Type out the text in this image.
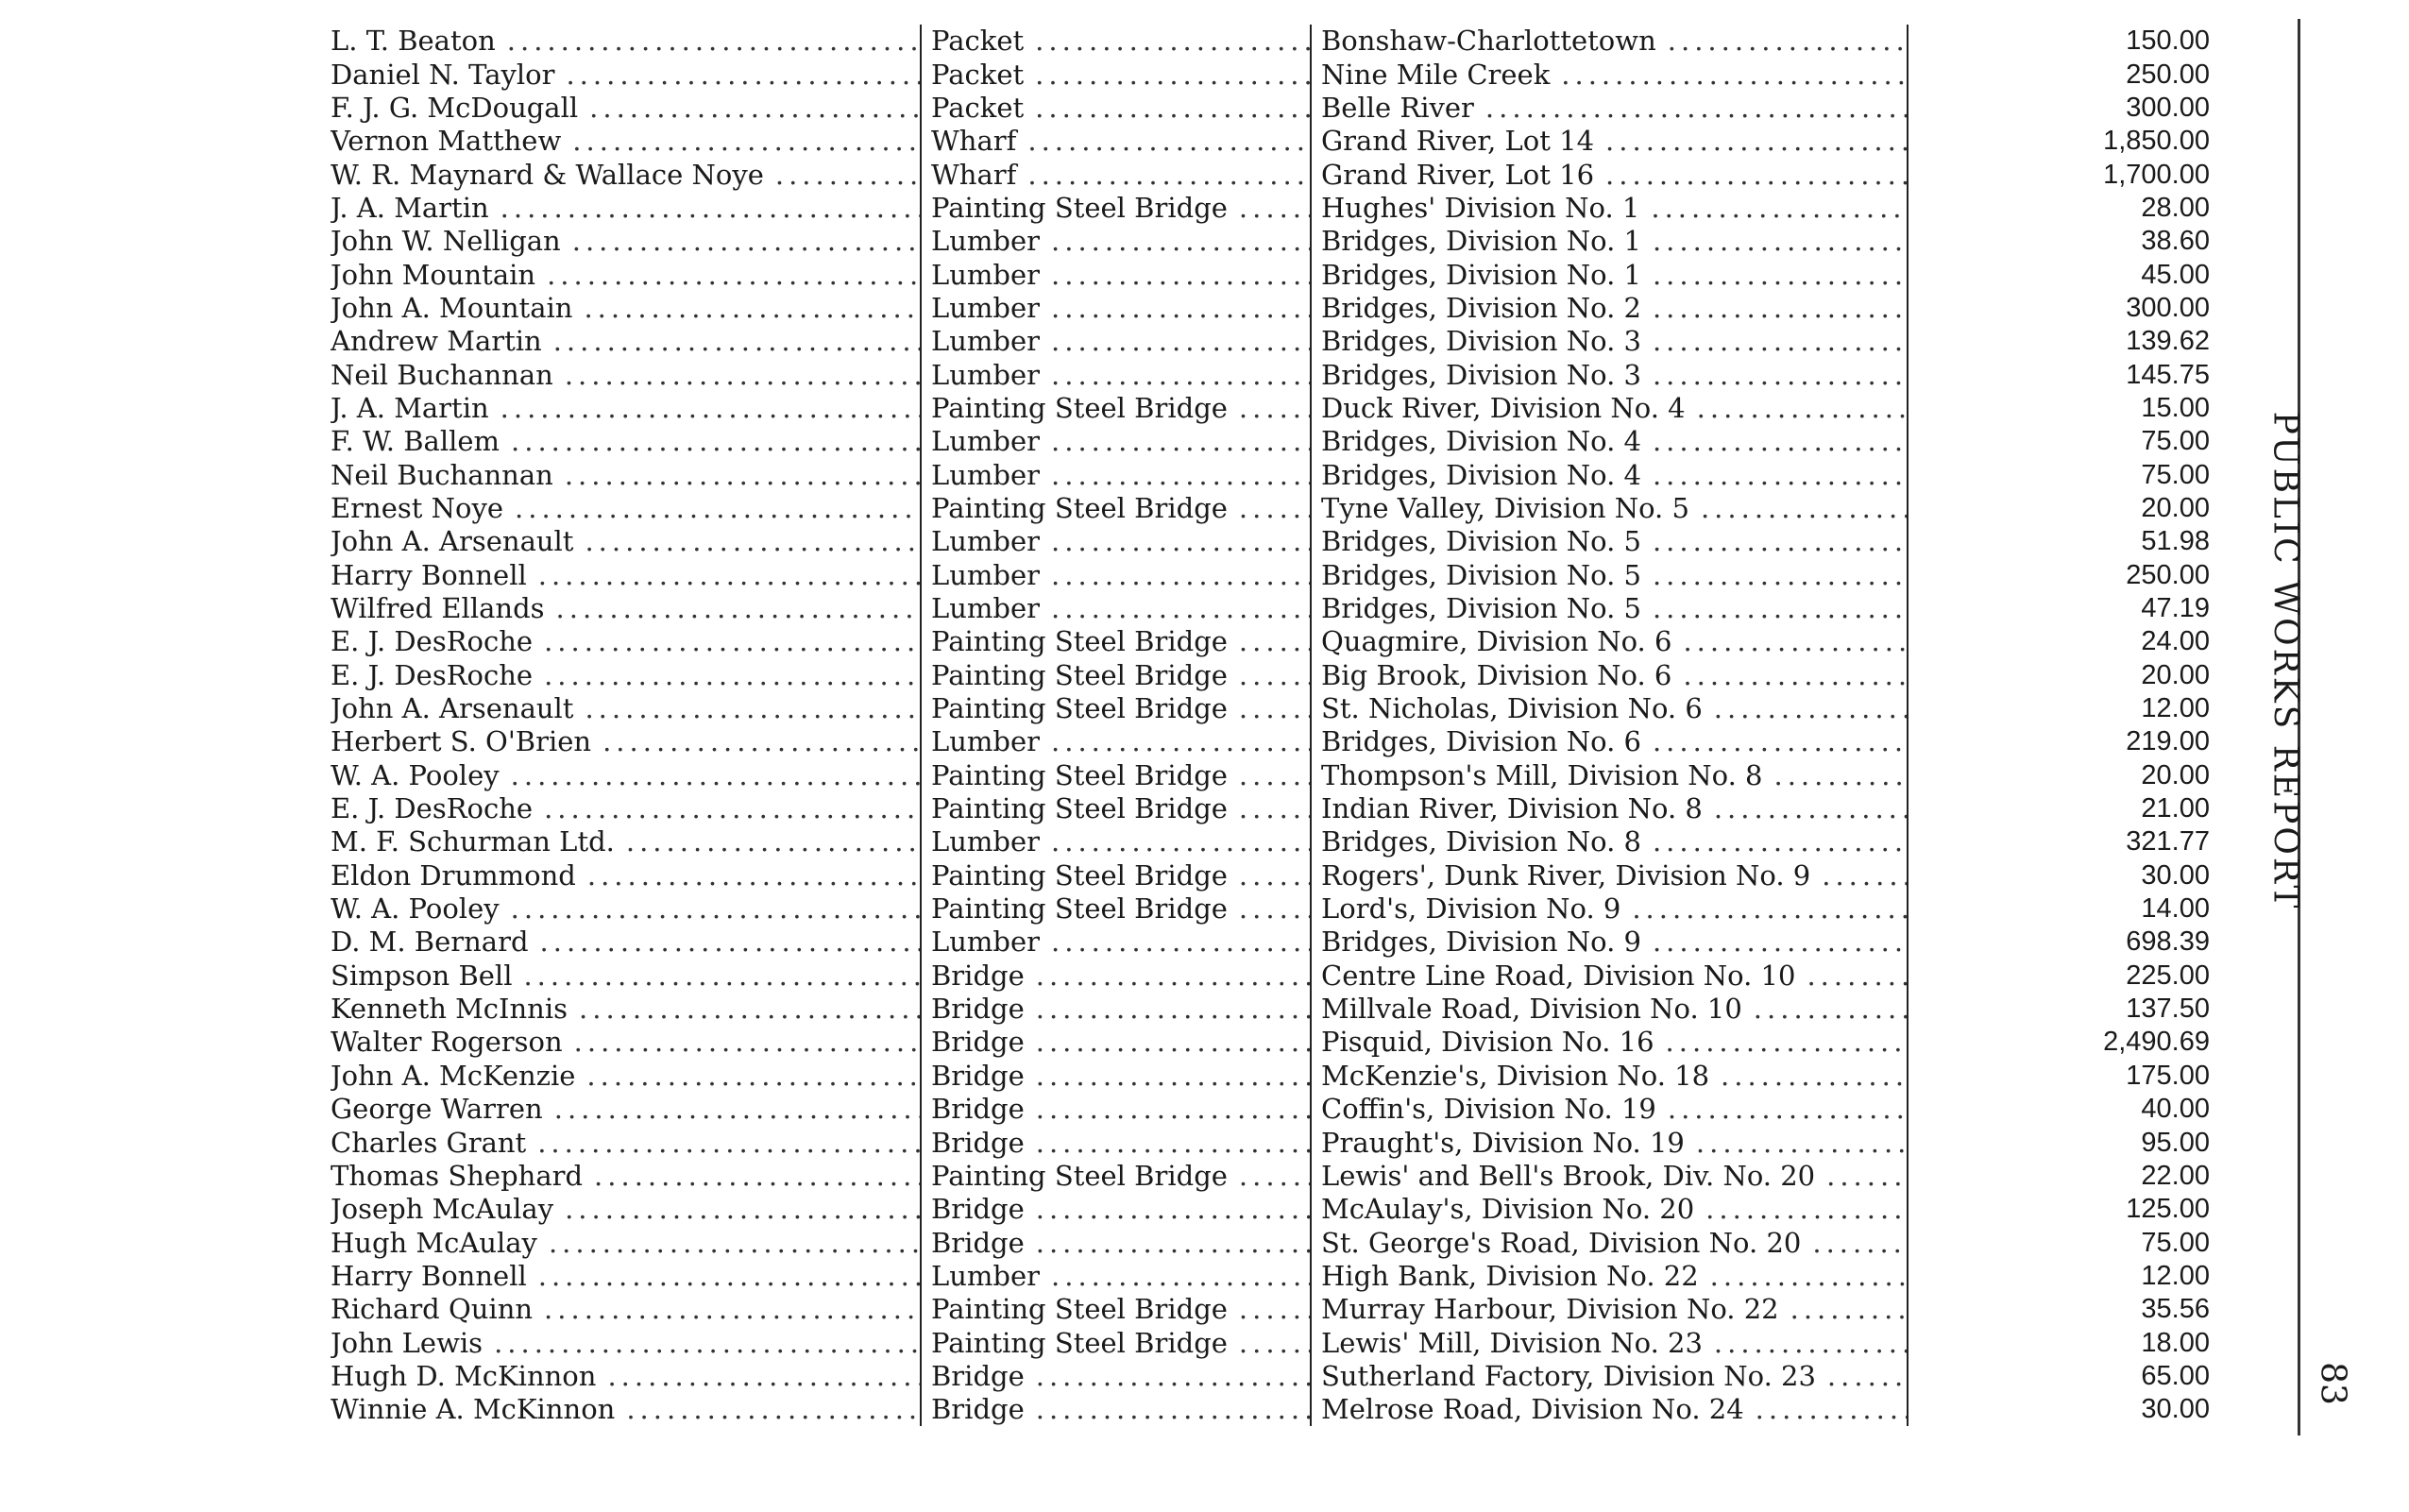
L. T. Beaton
.....	Packet
.....	Bonshaw-Charlottetown
.....	150.00

Daniel N. Taylor
.....	Packet
.....	Nine Mile Creek
.....	250.00

F. J. G. McDougall
.....	Packet
.....	Belle River
.....	300.00

Vernon Matthew
.....	Wharf
.....	Grand River, Lot 14
.....	1,850.00

W. R. Maynard & Wallace Noye
.....	Wharf
.....	Grand River, Lot 16
.....	1,700.00

J. A. Martin
.....	Painting Steel Bridge
.....	Hughes' Division No. 1
.....	28.00

John W. Nelligan
.....	Lumber
.....	Bridges, Division No. 1
.....	38.60

John Mountain
.....	Lumber
.....	Bridges, Division No. 1
.....	45.00

John A. Mountain
.....	Lumber
.....	Bridges, Division No. 2
.....	300.00

Andrew Martin
.....	Lumber
.....	Bridges, Division No. 3
.....	139.62

Neil Buchannan
.....	Lumber
.....	Bridges, Division No. 3
.....	145.75

J. A. Martin
.....	Painting Steel Bridge
.....	Duck River, Division No. 4
.....	15.00

F. W. Ballem
.....	Lumber
.....	Bridges, Division No. 4
.....	75.00

Neil Buchannan
.....	Lumber
.....	Bridges, Division No. 4
.....	75.00

Ernest Noye
.....	Painting Steel Bridge
.....	Tyne Valley, Division No. 5
.....	20.00

John A. Arsenault
.....	Lumber
.....	Bridges, Division No. 5
.....	51.98

Harry Bonnell
.....	Lumber
.....	Bridges, Division No. 5
.....	250.00

Wilfred Ellands
.....	Lumber
.....	Bridges, Division No. 5
.....	47.19

E. J. DesRoche
.....	Painting Steel Bridge
.....	Quagmire, Division No. 6
.....	24.00

E. J. DesRoche
.....	Painting Steel Bridge
.....	Big Brook, Division No. 6
.....	20.00

John A. Arsenault
.....	Painting Steel Bridge
.....	St. Nicholas, Division No. 6
.....	12.00

Herbert S. O'Brien
.....	Lumber
.....	Bridges, Division No. 6
.....	219.00

W. A. Pooley
.....	Painting Steel Bridge
.....	Thompson's Mill, Division No. 8
.....	20.00

E. J. DesRoche
.....	Painting Steel Bridge
.....	Indian River, Division No. 8
.....	21.00

M. F. Schurman Ltd.
.....	Lumber
.....	Bridges, Division No. 8
.....	321.77

Eldon Drummond
.....	Painting Steel Bridge
.....	Rogers', Dunk River, Division No. 9
.....	30.00

W. A. Pooley
.....	Painting Steel Bridge
.....	Lord's, Division No. 9
.....	14.00

D. M. Bernard
.....	Lumber
.....	Bridges, Division No. 9
.....	698.39

Simpson Bell
.....	Bridge
.....	Centre Line Road, Division No. 10
.....	225.00

Kenneth McInnis
.....	Bridge
.....	Millvale Road, Division No. 10
.....	137.50

Walter Rogerson
.....	Bridge
.....	Pisquid, Division No. 16
.....	2,490.69

John A. McKenzie
.....	Bridge
.....	McKenzie's, Division No. 18
.....	175.00

George Warren
.....	Bridge
.....	Coffin's, Division No. 19
.....	40.00

Charles Grant
.....	Bridge
.....	Praught's, Division No. 19
.....	95.00

Thomas Shephard
.....	Painting Steel Bridge
.....	Lewis' and Bell's Brook, Div. No. 20
.....	22.00

Joseph McAulay
.....	Bridge
.....	McAulay's, Division No. 20
.....	125.00

Hugh McAulay
.....	Bridge
.....	St. George's Road, Division No. 20
.....	75.00

Harry Bonnell
.....	Lumber
.....	High Bank, Division No. 22
.....	12.00

Richard Quinn
.....	Painting Steel Bridge
.....	Murray Harbour, Division No. 22
.....	35.56

John Lewis
.....	Painting Steel Bridge
.....	Lewis' Mill, Division No. 23
.....	18.00

Hugh D. McKinnon
.....	Bridge
.....	Sutherland Factory, Division No. 23
.....	65.00

Winnie A. McKinnon
.....	Bridge
.....	Melrose Road, Division No. 24
.....	30.00
PUBLIC WORKS REPORT
83
